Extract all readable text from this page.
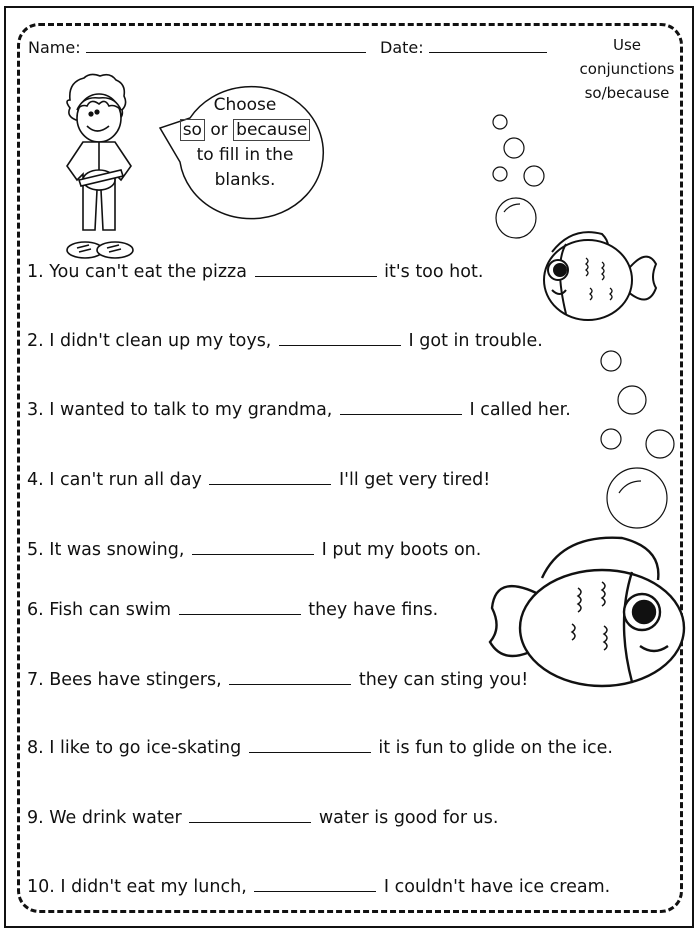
Name:	Date:	Use
conjunctions
so/because
Choose
so or because
to fill in the
blanks.
1. You can't eat the pizza	it's too hot.
2. I didn't clean up my toys,	I got in trouble.
3. I wanted to talk to my grandma,	I called her.
4. I can't run all day	I'll get very tired!
5. It was snowing,	I put my boots on.
6. Fish can swim	they have fins.
7. Bees have stingers,	they can sting you!
8. I like to go ice-skating	it is fun to glide on the ice.
9. We drink water	water is good for us.
10. I didn't eat my lunch,	I couldn't have ice cream.
